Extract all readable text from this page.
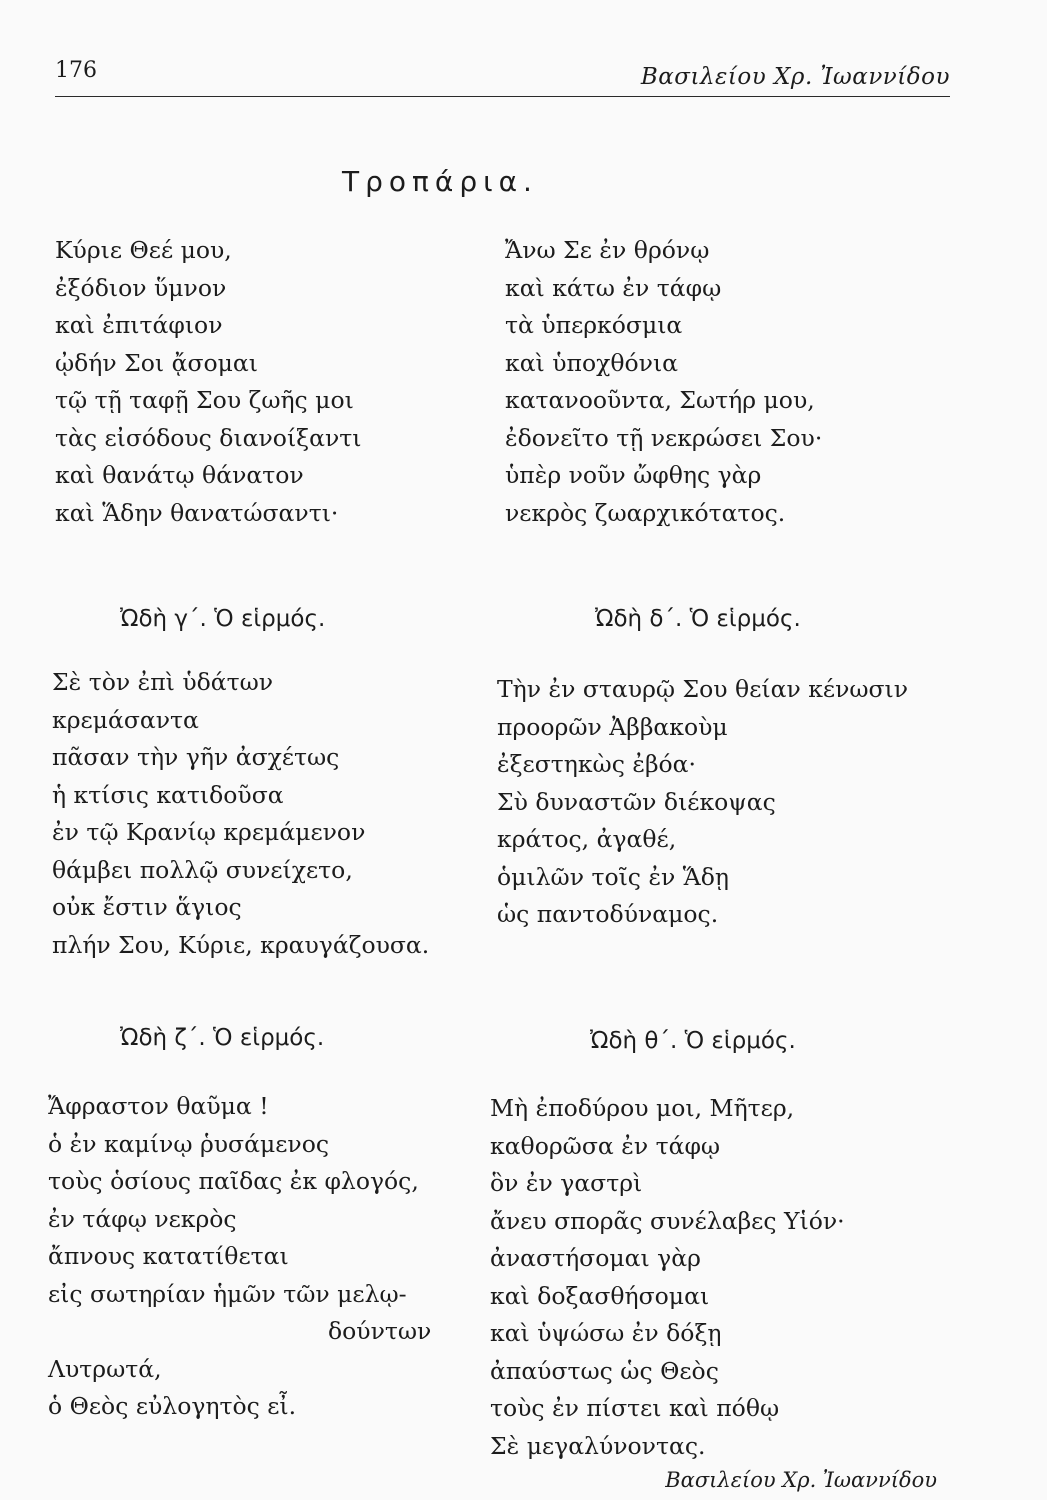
176	Βασιλείου Χρ. Ἰωαννίδου
Τροπάρια.
Κύριε Θεέ μου,
ἐξόδιον ὕμνον
καὶ ἐπιτάφιον
ᾠδήν Σοι ᾄσομαι
τῷ τῇ ταφῇ Σου ζωῆς μοι
τὰς εἰσόδους διανοίξαντι
καὶ θανάτῳ θάνατον
καὶ Ἅδην θανατώσαντι·
Ἄνω Σε ἐν θρόνῳ
καὶ κάτω ἐν τάφῳ
τὰ ὑπερκόσμια
καὶ ὑποχθόνια
κατανοοῦντα, Σωτήρ μου,
ἐδονεῖτο τῇ νεκρώσει Σου·
ὑπὲρ νοῦν ὤφθης γὰρ
νεκρὸς ζωαρχικότατος.
Ὠδὴ γ΄. Ὁ εἱρμός.
Σὲ τὸν ἐπὶ ὑδάτων
κρεμάσαντα
πᾶσαν τὴν γῆν ἀσχέτως
ἡ κτίσις κατιδοῦσα
ἐν τῷ Κρανίῳ κρεμάμενον
θάμβει πολλῷ συνείχετο,
οὐκ ἔστιν ἅγιος
πλήν Σου, Κύριε, κραυγάζουσα.
Ὠδὴ δ΄. Ὁ εἱρμός.
Τὴν ἐν σταυρῷ Σου θείαν κένωσιν
προορῶν Ἀββακοὺμ
ἐξεστηκὼς ἐβόα·
Σὺ δυναστῶν διέκοψας
κράτος, ἀγαθέ,
ὁμιλῶν τοῖς ἐν Ἅδῃ
ὡς παντοδύναμος.
Ὠδὴ ζ΄. Ὁ εἱρμός.
Ἄφραστον θαῦμα !
ὁ ἐν καμίνῳ ῥυσάμενος
τοὺς ὁσίους παῖδας ἐκ φλογός,
ἐν τάφῳ νεκρὸς
ἄπνους κατατίθεται
εἰς σωτηρίαν ἡμῶν τῶν μελῳ-
δούντων
Λυτρωτά,
ὁ Θεὸς εὐλογητὸς εἶ.
Ὠδὴ θ΄. Ὁ εἱρμός.
Μὴ ἐποδύρου μοι, Μῆτερ,
καθορῶσα ἐν τάφῳ
ὃν ἐν γαστρὶ
ἄνευ σπορᾶς συνέλαβες Υἱόν·
ἀναστήσομαι γὰρ
καὶ δοξασθήσομαι
καὶ ὑψώσω ἐν δόξῃ
ἀπαύστως ὡς Θεὸς
τοὺς ἐν πίστει καὶ πόθῳ
Σὲ μεγαλύνοντας.
Βασιλείου Χρ. Ἰωαννίδου
